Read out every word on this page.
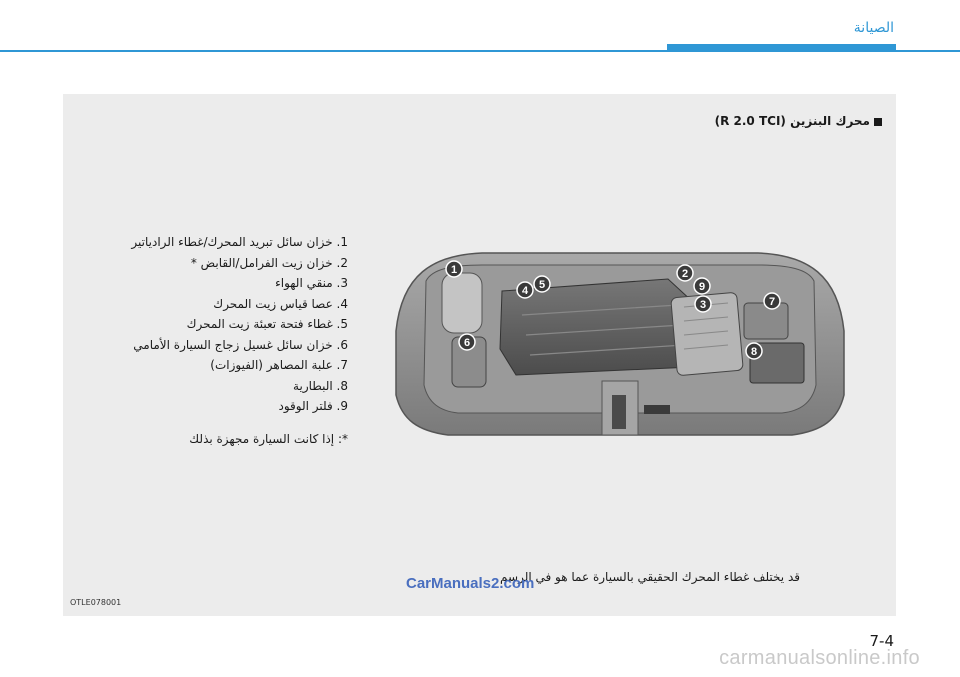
الصيانة
محرك البنزين (R 2.0 TCI)
1. خزان سائل تبريد المحرك/غطاء الرادياتير
2. خزان زيت الفرامل/القابض *
3. منقي الهواء
4. عصا قياس زيت المحرك
5. غطاء فتحة تعبئة زيت المحرك
6. خزان سائل غسيل زجاج السيارة الأمامي
7. علبة المصاهر (الفيوزات)
8. البطارية
9. فلتر الوقود
*: إذا كانت السيارة مجهزة بذلك
1	2
3
4 5
6
7
8
9
قد يختلف غطاء المحرك الحقيقي بالسيارة عما هو في الرسم
OTLE078001
CarManuals2.com
7-4
carmanualsonline.info
